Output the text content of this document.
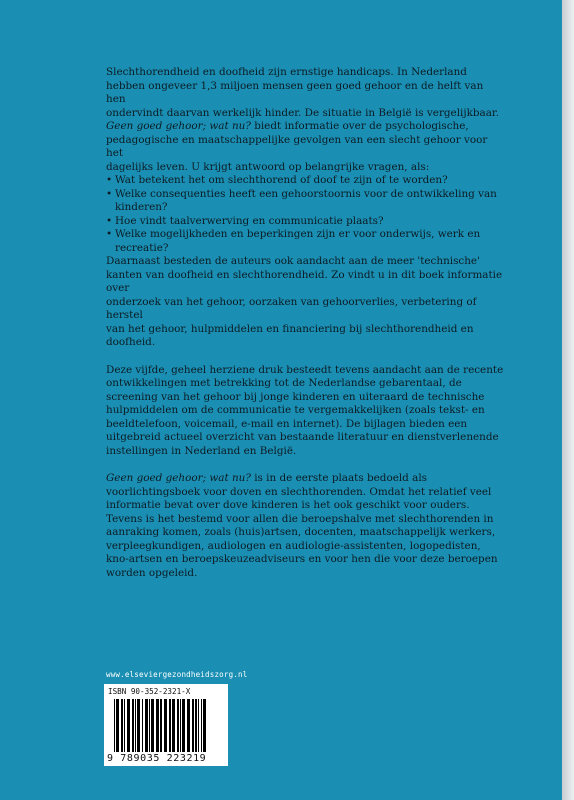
Slechthorendheid en doofheid zijn ernstige handicaps. In Nederland
hebben ongeveer 1,3 miljoen mensen geen goed gehoor en de helft van hen
ondervindt daarvan werkelijk hinder. De situatie in België is vergelijkbaar.
Geen goed gehoor; wat nu? biedt informatie over de psychologische,
pedagogische en maatschappelijke gevolgen van een slecht gehoor voor het
dagelijks leven. U krijgt antwoord op belangrijke vragen, als:

• Wat betekent het om slechthorend of doof te zijn of te worden?
• Welke consequenties heeft een gehoorstoornis voor de ontwikkeling van
kinderen?
• Hoe vindt taalverwerving en communicatie plaats?
• Welke mogelijkheden en beperkingen zijn er voor onderwijs, werk en
recreatie?

Daarnaast besteden de auteurs ook aandacht aan de meer 'technische'
kanten van doofheid en slechthorendheid. Zo vindt u in dit boek informatie over
onderzoek van het gehoor, oorzaken van gehoorverlies, verbetering of herstel
van het gehoor, hulpmiddelen en financiering bij slechthorendheid en doofheid.

Deze vijfde, geheel herziene druk besteedt tevens aandacht aan de recente
ontwikkelingen met betrekking tot de Nederlandse gebarentaal, de
screening van het gehoor bij jonge kinderen en uiteraard de technische
hulpmiddelen om de communicatie te vergemakkelijken (zoals tekst- en
beeldtelefoon, voicemail, e-mail en internet). De bijlagen bieden een
uitgebreid actueel overzicht van bestaande literatuur en dienstverlenende
instellingen in Nederland en België.

Geen goed gehoor; wat nu? is in de eerste plaats bedoeld als
voorlichtingsboek voor doven en slechthorenden. Omdat het relatief veel
informatie bevat over dove kinderen is het ook geschikt voor ouders.
Tevens is het bestemd voor allen die beroepshalve met slechthorenden in
aanraking komen, zoals (huis)artsen, docenten, maatschappelijk werkers,
verpleegkundigen, audiologen en audiologie-assistenten, logopedisten,
kno-artsen en beroepskeuzeadviseurs en voor hen die voor deze beroepen
worden opgeleid.

www.elseviergezondheidszorg.nl
ISBN 90-352-2321-X
9 789035 223219
